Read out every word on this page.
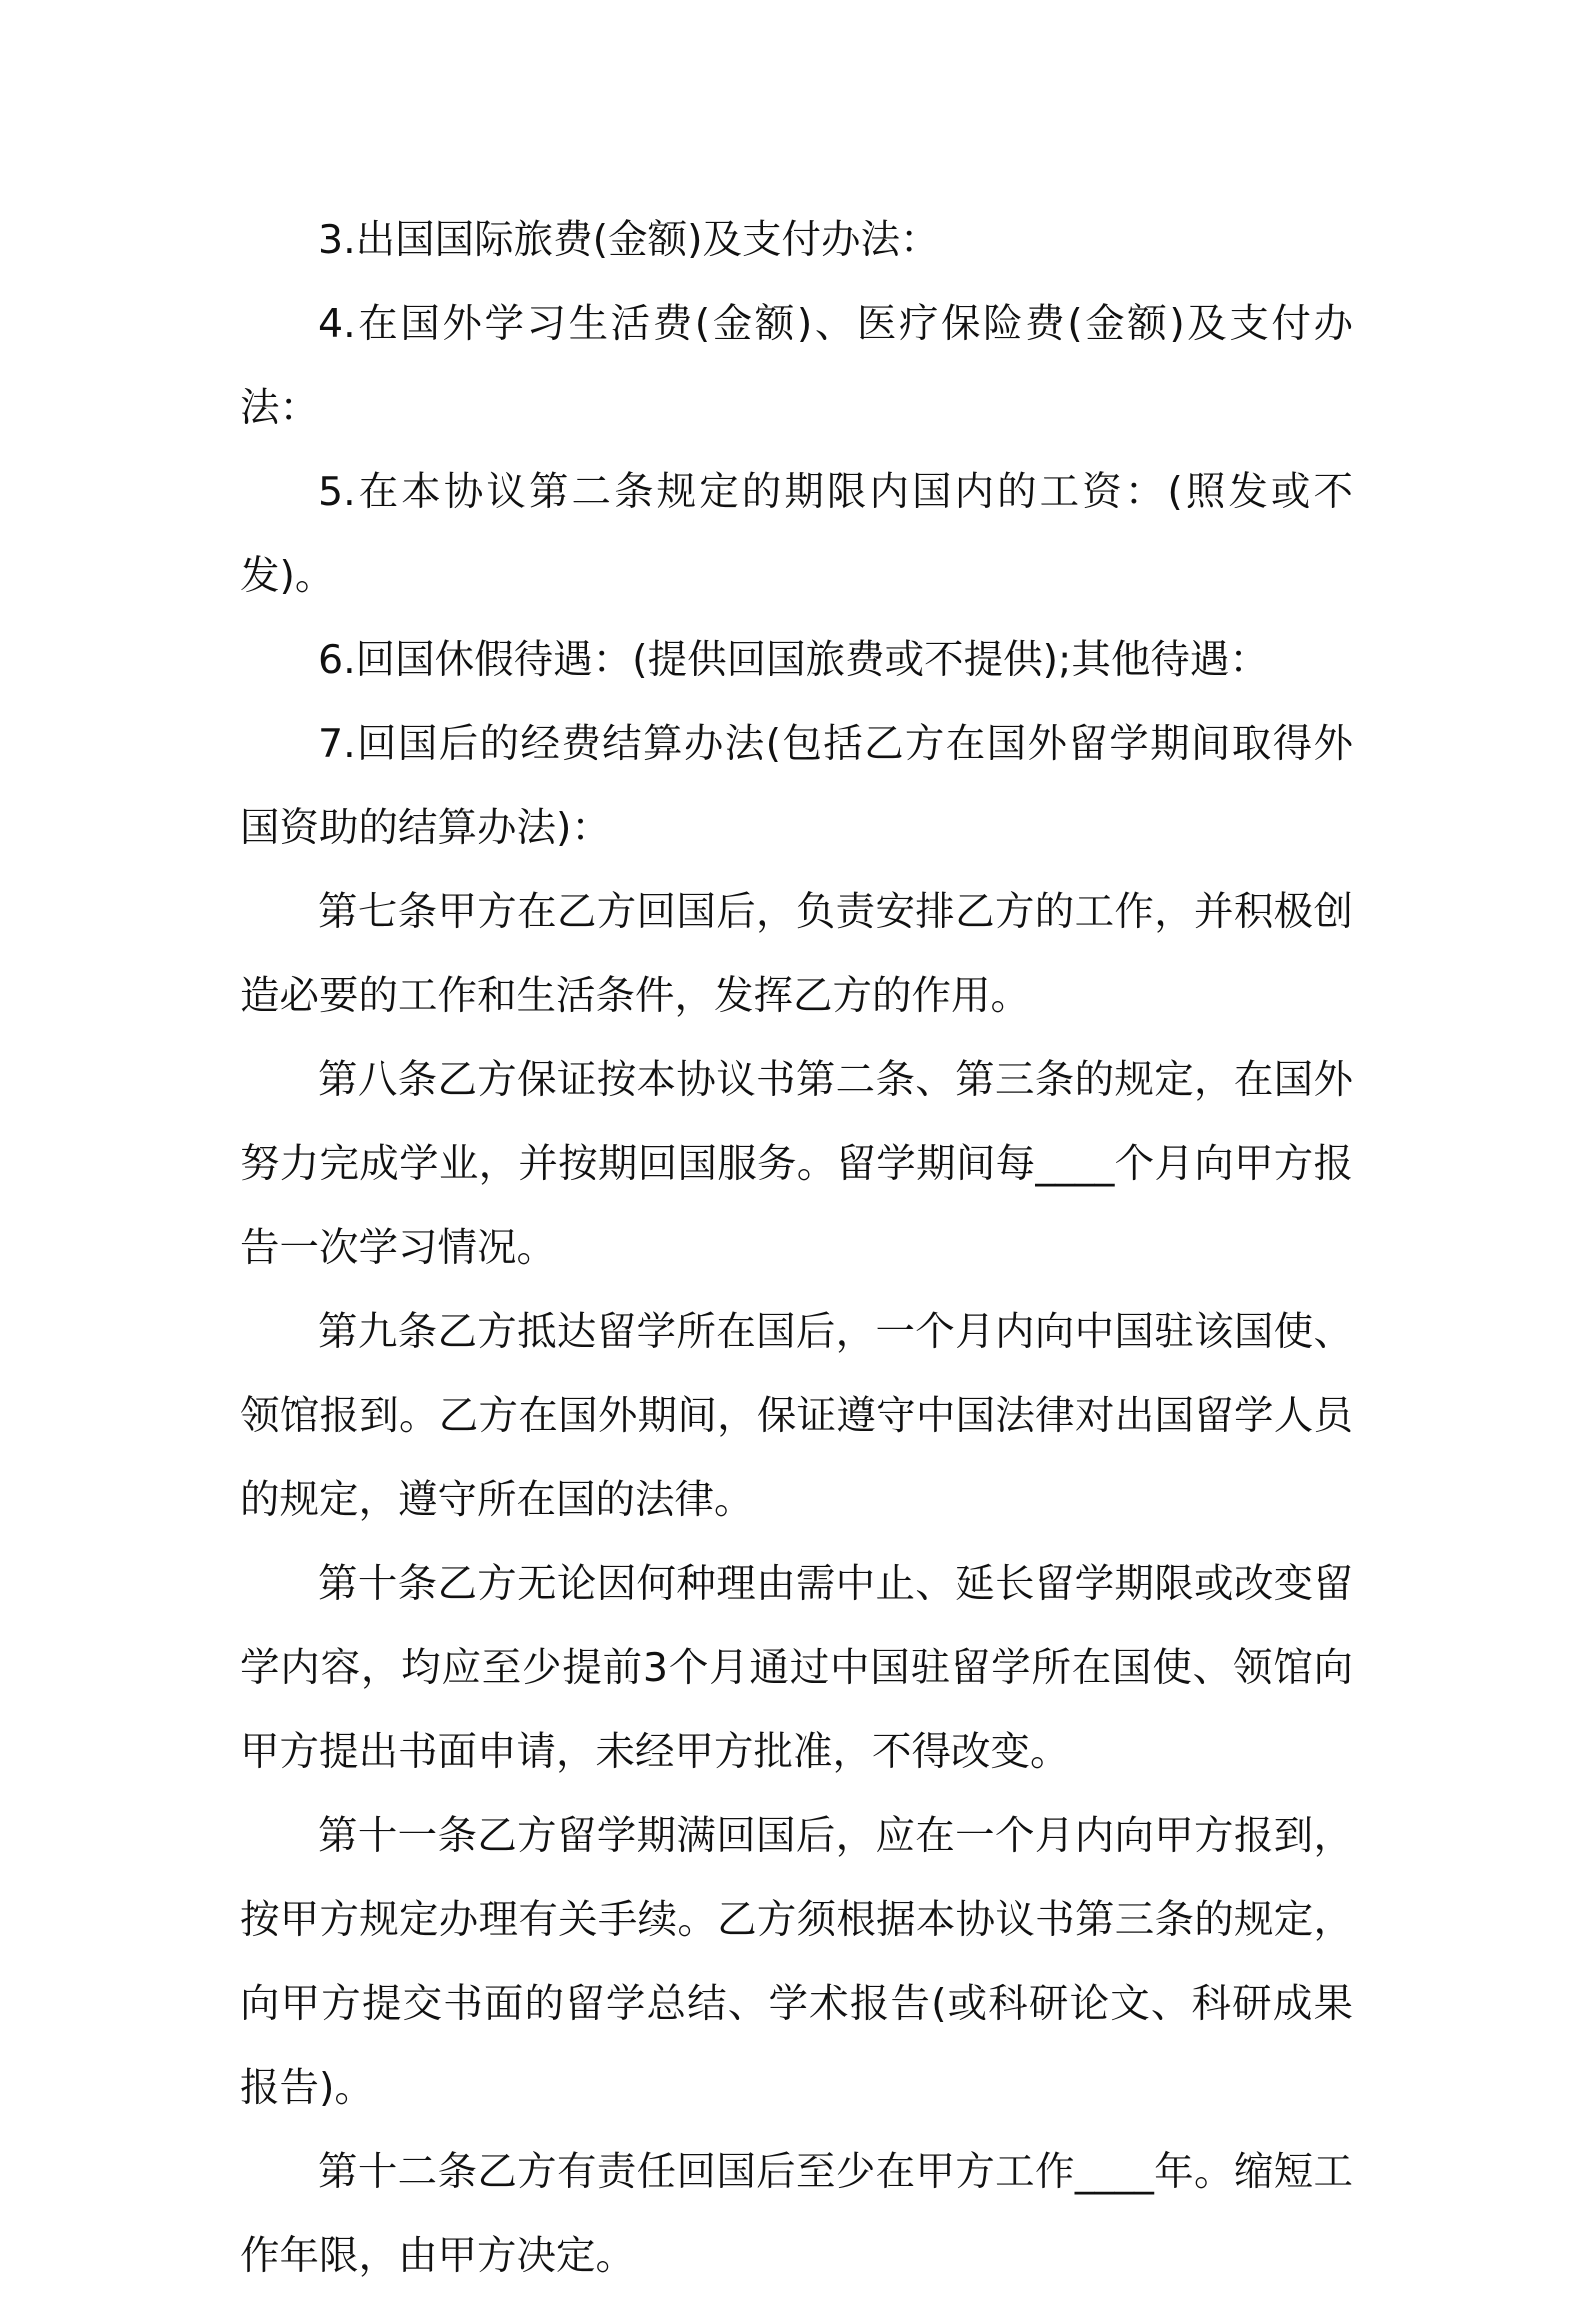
3.出国国际旅费(金额)及支付办法：

4.在国外学习生活费(金额)、医疗保险费(金额)及支付办法：

5.在本协议第二条规定的期限内国内的工资：(照发或不发)。

6.回国休假待遇：(提供回国旅费或不提供);其他待遇：

7.回国后的经费结算办法(包括乙方在国外留学期间取得外国资助的结算办法)：

第七条甲方在乙方回国后，负责安排乙方的工作，并积极创造必要的工作和生活条件，发挥乙方的作用。

第八条乙方保证按本协议书第二条、第三条的规定，在国外努力完成学业，并按期回国服务。留学期间每____个月向甲方报告一次学习情况。

第九条乙方抵达留学所在国后，一个月内向中国驻该国使、领馆报到。乙方在国外期间，保证遵守中国法律对出国留学人员的规定，遵守所在国的法律。

第十条乙方无论因何种理由需中止、延长留学期限或改变留学内容，均应至少提前3个月通过中国驻留学所在国使、领馆向甲方提出书面申请，未经甲方批准，不得改变。

第十一条乙方留学期满回国后，应在一个月内向甲方报到，按甲方规定办理有关手续。乙方须根据本协议书第三条的规定，向甲方提交书面的留学总结、学术报告(或科研论文、科研成果报告)。

第十二条乙方有责任回国后至少在甲方工作____年。缩短工作年限，由甲方决定。
